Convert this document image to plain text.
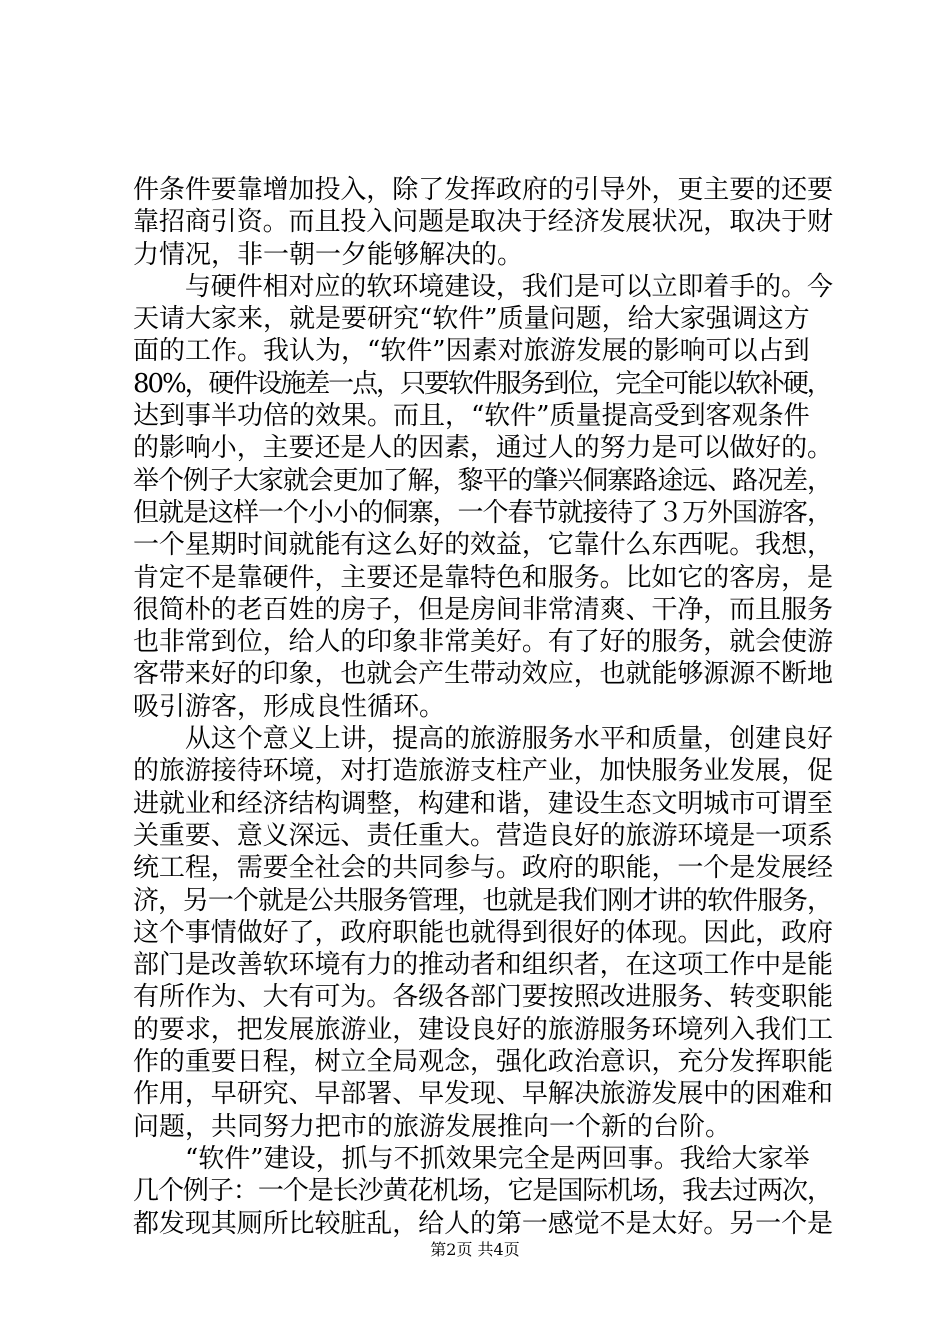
件条件要靠增加投入，除了发挥政府的引导外，更主要的还要
靠招商引资。而且投入问题是取决于经济发展状况，取决于财
力情况，非一朝一夕能够解决的。
　　与硬件相对应的软环境建设，我们是可以立即着手的。今
天请大家来，就是要研究“软件”质量问题，给大家强调这方
面的工作。我认为，“软件”因素对旅游发展的影响可以占到
80%，硬件设施差一点，只要软件服务到位，完全可能以软补硬，
达到事半功倍的效果。而且，“软件”质量提高受到客观条件
的影响小，主要还是人的因素，通过人的努力是可以做好的。
举个例子大家就会更加了解，黎平的肇兴侗寨路途远、路况差，
但就是这样一个小小的侗寨，一个春节就接待了３万外国游客，
一个星期时间就能有这么好的效益，它靠什么东西呢。我想，
肯定不是靠硬件，主要还是靠特色和服务。比如它的客房，是
很简朴的老百姓的房子，但是房间非常清爽、干净，而且服务
也非常到位，给人的印象非常美好。有了好的服务，就会使游
客带来好的印象，也就会产生带动效应，也就能够源源不断地
吸引游客，形成良性循环。
　　从这个意义上讲，提高的旅游服务水平和质量，创建良好
的旅游接待环境，对打造旅游支柱产业，加快服务业发展，促
进就业和经济结构调整，构建和谐，建设生态文明城市可谓至
关重要、意义深远、责任重大。营造良好的旅游环境是一项系
统工程，需要全社会的共同参与。政府的职能，一个是发展经
济，另一个就是公共服务管理，也就是我们刚才讲的软件服务，
这个事情做好了，政府职能也就得到很好的体现。因此，政府
部门是改善软环境有力的推动者和组织者，在这项工作中是能
有所作为、大有可为。各级各部门要按照改进服务、转变职能
的要求，把发展旅游业，建设良好的旅游服务环境列入我们工
作的重要日程，树立全局观念，强化政治意识，充分发挥职能
作用，早研究、早部署、早发现、早解决旅游发展中的困难和
问题，共同努力把市的旅游发展推向一个新的台阶。
　　“软件”建设，抓与不抓效果完全是两回事。我给大家举
几个例子：一个是长沙黄花机场，它是国际机场，我去过两次，
都发现其厕所比较脏乱，给人的第一感觉不是太好。另一个是
第2页 共4页
